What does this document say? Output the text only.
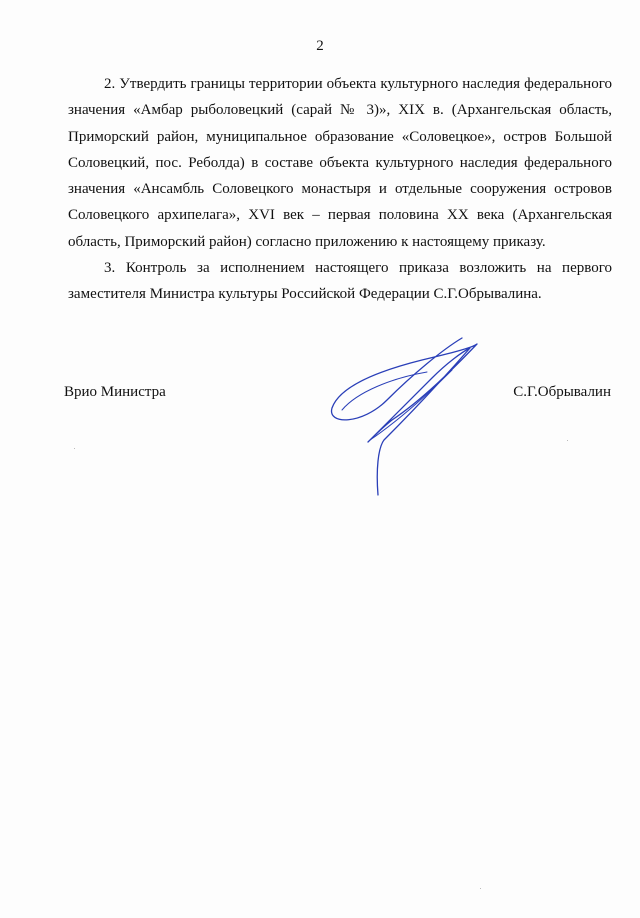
2

2. Утвердить границы территории объекта культурного наследия федерального значения «Амбар рыболовецкий (сарай № 3)», XIX в. (Архангельская область, Приморский район, муниципальное образование «Соловецкое», остров Большой Соловецкий, пос. Реболда) в составе объекта культурного наследия федерального значения «Ансамбль Соловецкого монастыря и отдельные сооружения островов Соловецкого архипелага», XVI век – первая половина XX века (Архангельская область, Приморский район) согласно приложению к настоящему приказу.

3. Контроль за исполнением настоящего приказа возложить на первого заместителя Министра культуры Российской Федерации С.Г.Обрывалина.

Врио Министра	С.Г.Обрывалин
